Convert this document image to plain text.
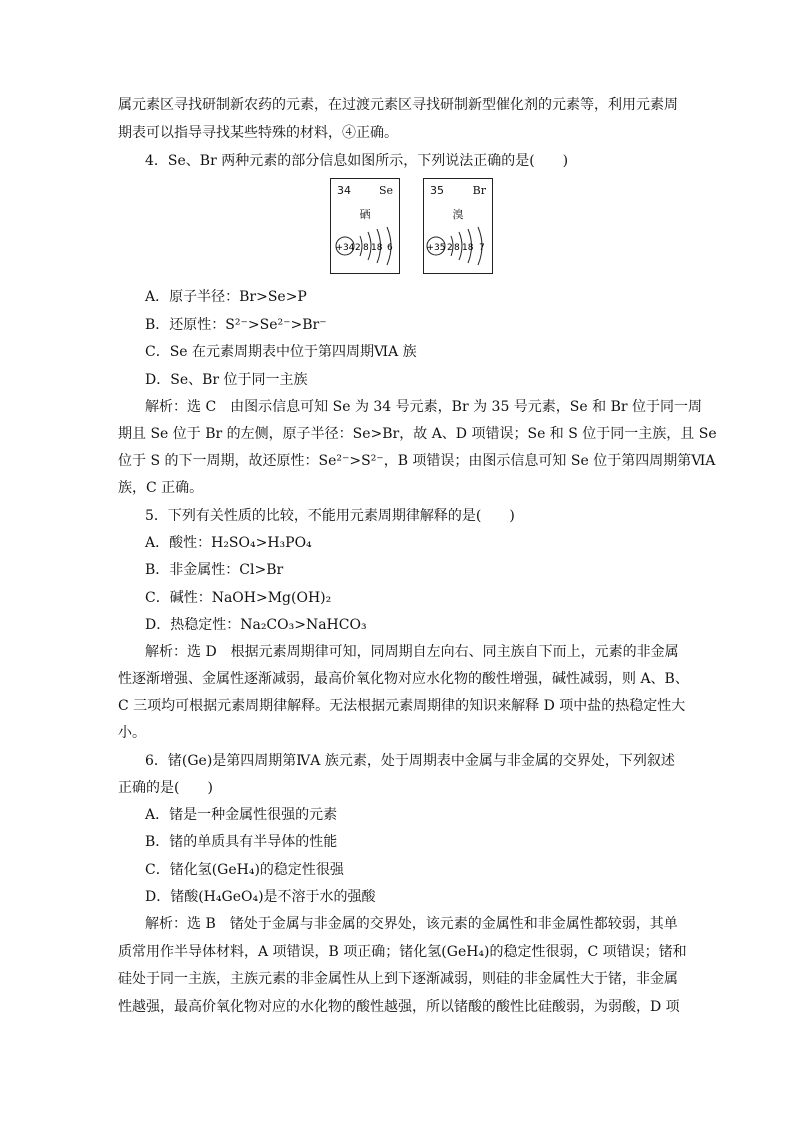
属元素区寻找研制新农药的元素，在过渡元素区寻找研制新型催化剂的元素等，利用元素周
期表可以指导寻找某些特殊的材料，④正确。
4．Se、Br 两种元素的部分信息如图所示，下列说法正确的是(　　)
34	Se
硒
+34 2 8 18 6
35	Br
溴
+35 2 8 18 7
A．原子半径：Br>Se>P
B．还原性：S²⁻>Se²⁻>Br⁻
C．Se 在元素周期表中位于第四周期ⅥA 族
D．Se、Br 位于同一主族
解析：选 C　由图示信息可知 Se 为 34 号元素，Br 为 35 号元素，Se 和 Br 位于同一周
期且 Se 位于 Br 的左侧，原子半径：Se>Br，故 A、D 项错误；Se 和 S 位于同一主族，且 Se
位于 S 的下一周期，故还原性：Se²⁻>S²⁻，B 项错误；由图示信息可知 Se 位于第四周期第ⅥA
族，C 正确。
5．下列有关性质的比较，不能用元素周期律解释的是(　　)
A．酸性：H₂SO₄>H₃PO₄
B．非金属性：Cl>Br
C．碱性：NaOH>Mg(OH)₂
D．热稳定性：Na₂CO₃>NaHCO₃
解析：选 D　根据元素周期律可知，同周期自左向右、同主族自下而上，元素的非金属
性逐渐增强、金属性逐渐减弱，最高价氧化物对应水化物的酸性增强，碱性减弱，则 A、B、
C 三项均可根据元素周期律解释。无法根据元素周期律的知识来解释 D 项中盐的热稳定性大
小。
6．锗(Ge)是第四周期第ⅣA 族元素，处于周期表中金属与非金属的交界处，下列叙述
正确的是(　　)
A．锗是一种金属性很强的元素
B．锗的单质具有半导体的性能
C．锗化氢(GeH₄)的稳定性很强
D．锗酸(H₄GeO₄)是不溶于水的强酸
解析：选 B　锗处于金属与非金属的交界处，该元素的金属性和非金属性都较弱，其单
质常用作半导体材料，A 项错误，B 项正确；锗化氢(GeH₄)的稳定性很弱，C 项错误；锗和
硅处于同一主族，主族元素的非金属性从上到下逐渐减弱，则硅的非金属性大于锗，非金属
性越强，最高价氧化物对应的水化物的酸性越强，所以锗酸的酸性比硅酸弱，为弱酸，D 项
